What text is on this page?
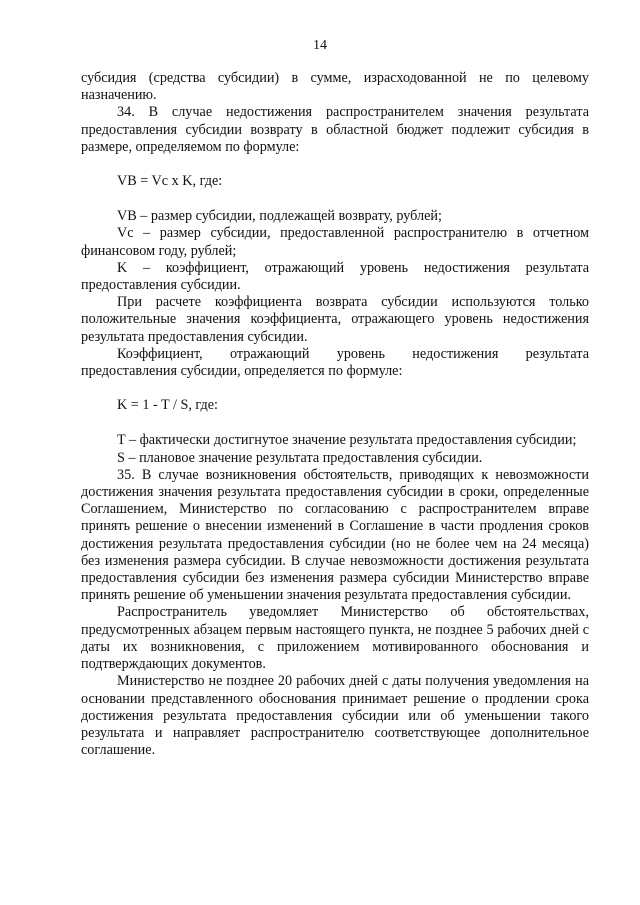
14

субсидия (средства субсидии) в сумме, израсходованной не по целевому назначению.

34. В случае недостижения распространителем значения результата предоставления субсидии возврату в областной бюджет подлежит субсидия в размере, определяемом по формуле:

VB = Vc x K, где:

VB – размер субсидии, подлежащей возврату, рублей;

Vc – размер субсидии, предоставленной распространителю в отчетном финансовом году, рублей;

K – коэффициент, отражающий уровень недостижения результата предоставления субсидии.

При расчете коэффициента возврата субсидии используются только положительные значения коэффициента, отражающего уровень недостижения результата предоставления субсидии.

Коэффициент, отражающий уровень недостижения результата предоставления субсидии, определяется по формуле:

K = 1 - T / S, где:

T – фактически достигнутое значение результата предоставления субсидии;

S – плановое значение результата предоставления субсидии.

35. В случае возникновения обстоятельств, приводящих к невозможности достижения значения результата предоставления субсидии в сроки, определенные Соглашением, Министерство по согласованию с распространителем вправе принять решение о внесении изменений в Соглашение в части продления сроков достижения результата предоставления субсидии (но не более чем на 24 месяца) без изменения размера субсидии. В случае невозможности достижения результата предоставления субсидии без изменения размера субсидии Министерство вправе принять решение об уменьшении значения результата предоставления субсидии.

Распространитель уведомляет Министерство об обстоятельствах, предусмотренных абзацем первым настоящего пункта, не позднее 5 рабочих дней с даты их возникновения, с приложением мотивированного обоснования и подтверждающих документов.

Министерство не позднее 20 рабочих дней с даты получения уведомления на основании представленного обоснования принимает решение о продлении срока достижения результата предоставления субсидии или об уменьшении такого результата и направляет распространителю соответствующее дополнительное соглашение.
